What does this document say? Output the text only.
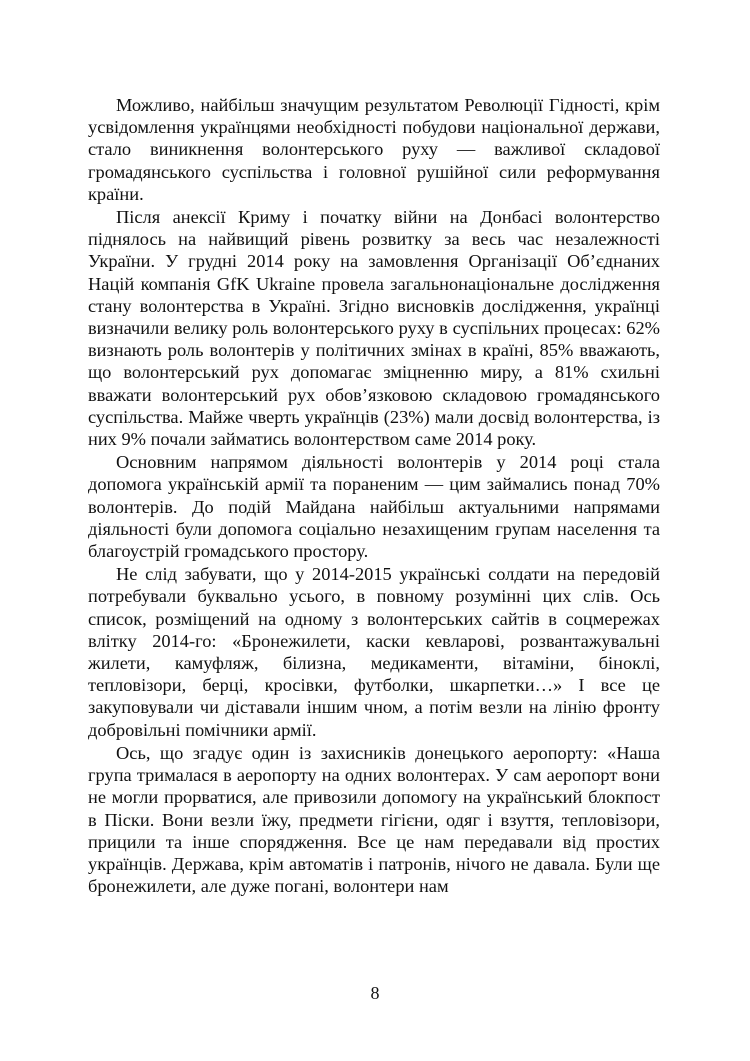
Можливо, найбільш значущим результатом Революції Гідності, крім усвідомлення українцями необхідності побудови національної держави, стало виникнення волонтерського руху — важливої складової громадянського суспільства і головної рушійної сили реформування країни.

Після анексії Криму і початку війни на Донбасі волонтерство піднялось на найвищий рівень розвитку за весь час незалежності України. У грудні 2014 року на замовлення Організації Об’єднаних Націй компанія GfK Ukraine провела загальнонаціональне дослідження стану волонтерства в Україні. Згідно висновків дослідження, українці визначили велику роль волонтерського руху в суспільних процесах: 62% визнають роль волонтерів у політичних змінах в країні, 85% вважають, що волонтерський рух допомагає зміцненню миру, а 81% схильні вважати волонтерський рух обов’язковою складовою громадянського суспільства. Майже чверть українців (23%) мали досвід волонтерства, із них 9% почали займатись волонтерством саме 2014 року.

Основним напрямом діяльності волонтерів у 2014 році стала допомога українській армії та пораненим — цим займались понад 70% волонтерів. До подій Майдана найбільш актуальними напрямами діяльності були допомога соціально незахищеним групам населення та благоустрій громадського простору.

Не слід забувати, що у 2014-2015 українські солдати на передовій потребували буквально усього, в повному розумінні цих слів. Ось список, розміщений на одному з волонтерських сайтів в соцмережах влітку 2014-го: «Бронежилети, каски кевларові, розвантажувальні жилети, камуфляж, білизна, медикаменти, вітаміни, біноклі, тепловізори, берці, кросівки, футболки, шкарпетки…» І все це закуповували чи діставали іншим чном, а потім везли на лінію фронту добровільні помічники армії.

Ось, що згадує один із захисників донецького аеропорту: «Наша група трималася в аеропорту на одних волонтерах. У сам аеропорт вони не могли прорватися, але привозили допомогу на український блокпост в Піски. Вони везли їжу, предмети гігієни, одяг і взуття, тепловізори, прицили та інше спорядження. Все це нам передавали від простих українців. Держава, крім автоматів і патронів, нічого не давала. Були ще бронежилети, але дуже погані, волонтери нам

8
